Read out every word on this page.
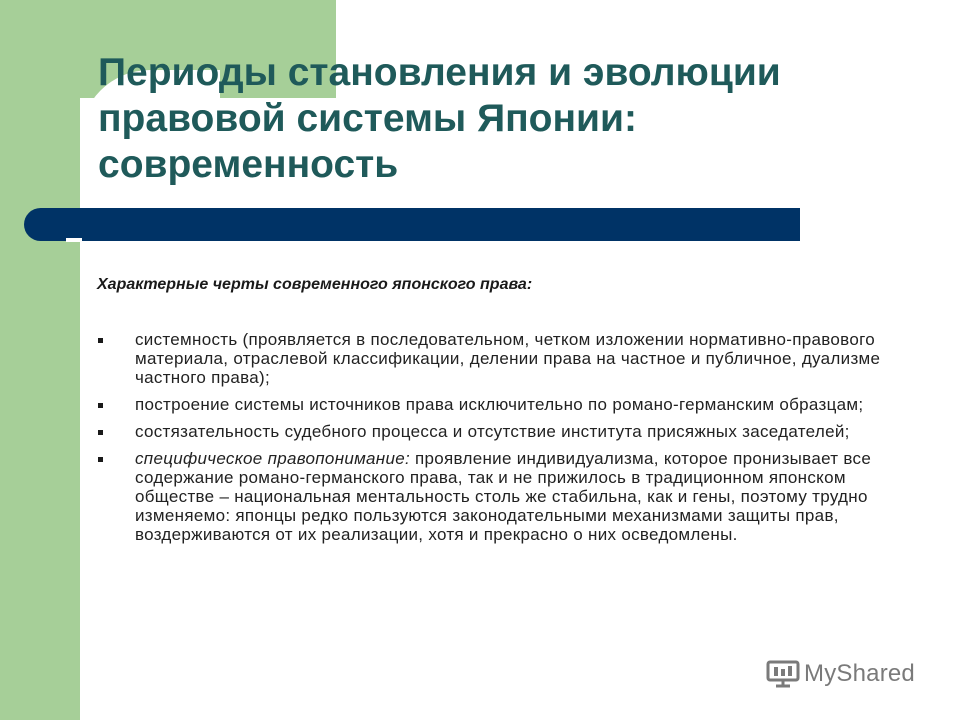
Периоды становления и эволюции правовой системы Японии: современность

Характерные черты современного японского права:

системность (проявляется в последовательном, четком изложении нормативно-правового материала, отраслевой классификации, делении права на частное и публичное, дуализме частного права);
построение системы источников права исключительно по романо-германским образцам;
состязательность судебного процесса и отсутствие института присяжных заседателей;
специфическое правопонимание: проявление индивидуализма, которое пронизывает все содержание романо-германского права, так и не прижилось в традиционном японском обществе – национальная ментальность столь же стабильна, как и гены, поэтому трудно изменяемо: японцы редко пользуются законодательными механизмами защиты прав, воздерживаются от их реализации, хотя и прекрасно о них осведомлены.
MyShared
